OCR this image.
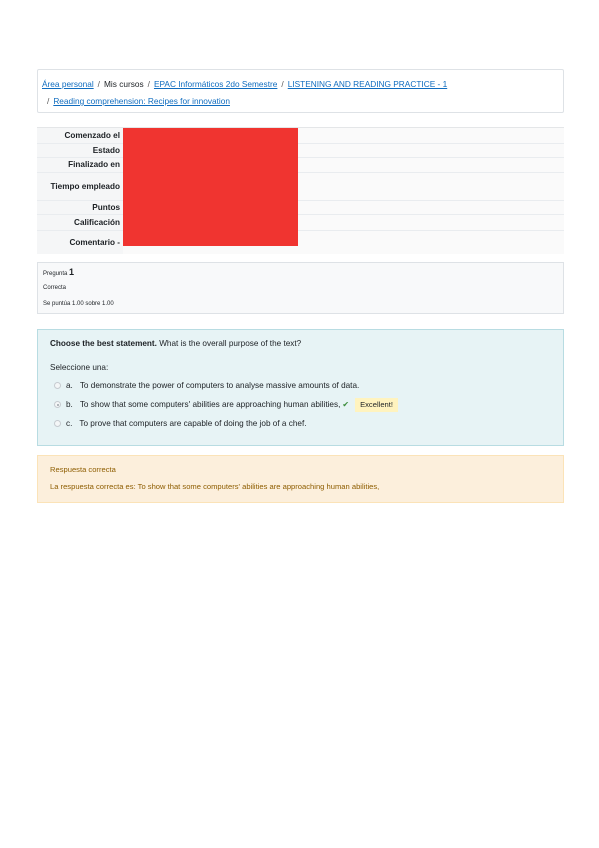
Área personal / Mis cursos / EPAC Informáticos 2do Semestre / LISTENING AND READING PRACTICE - 1
/ Reading comprehension: Recipes for innovation
Comenzado el
Estado
Finalizado en
Tiempo empleado
Puntos
Calificación
Comentario -
Pregunta 1
Correcta
Se puntúa 1.00 sobre 1.00
Choose the best statement. What is the overall purpose of the text?
Seleccione una:
a. To demonstrate the power of computers to analyse massive amounts of data.
b. To show that some computers' abilities are approaching human abilities, ✔	Excellent!
c. To prove that computers are capable of doing the job of a chef.
Respuesta correcta
La respuesta correcta es: To show that some computers' abilities are approaching human abilities,
